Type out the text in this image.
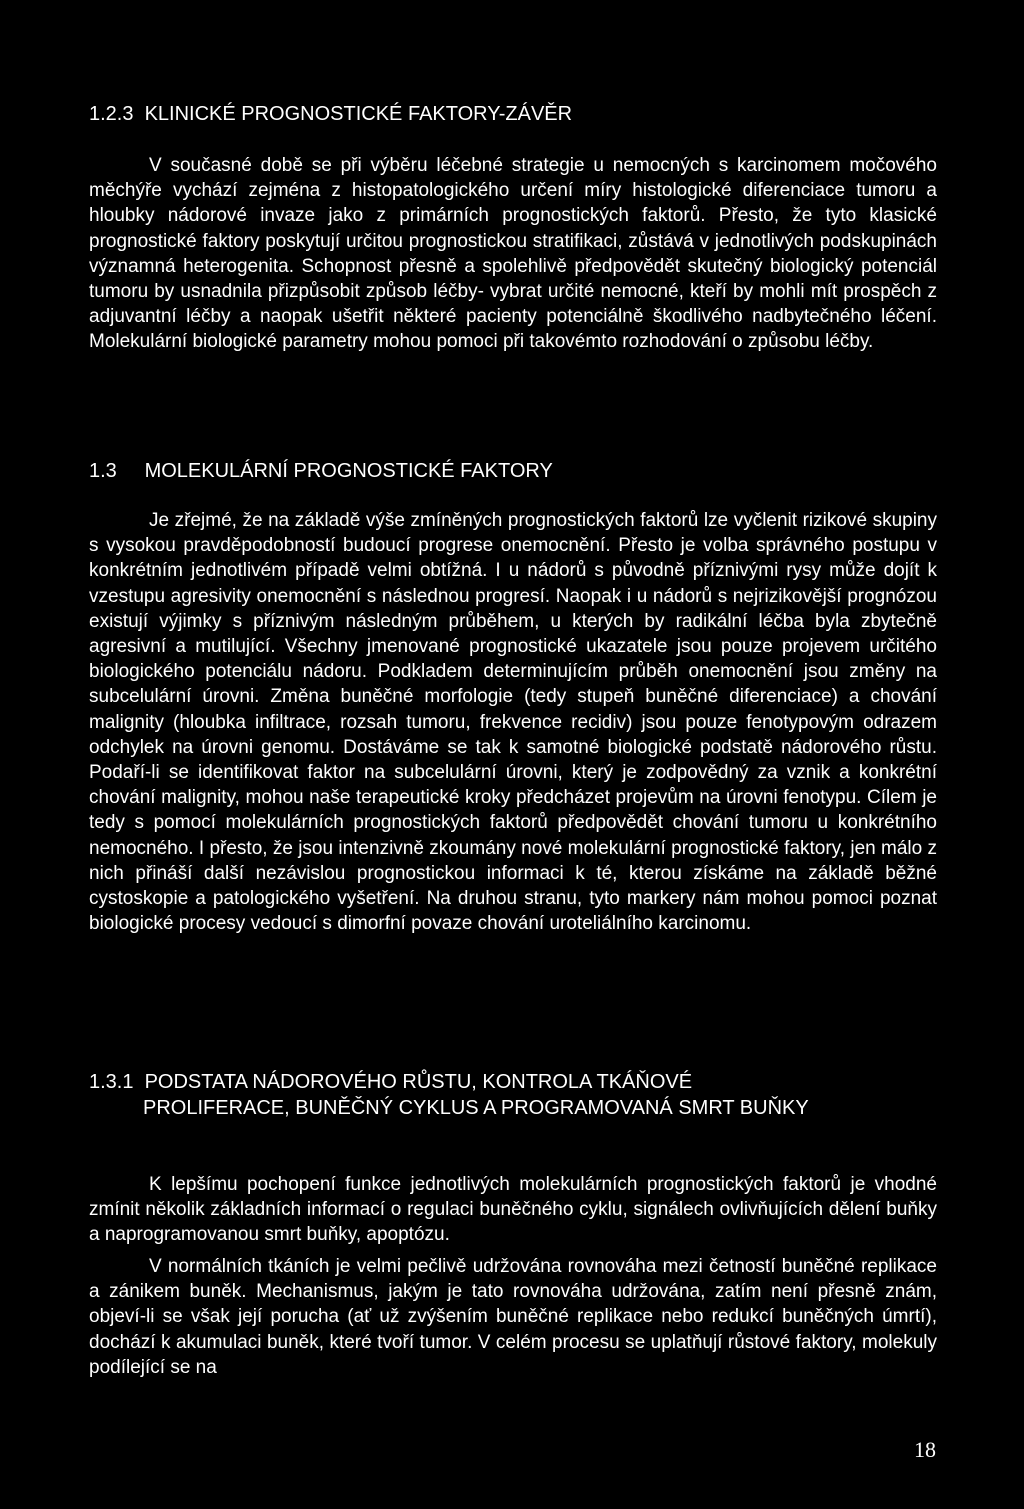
1.2.3 KLINICKÉ PROGNOSTICKÉ FAKTORY-ZÁVĚR

V současné době se při výběru léčebné strategie u nemocných s karcinomem močového měchýře vychází zejména z histopatologického určení míry histologické diferenciace tumoru a hloubky nádorové invaze jako z primárních prognostických faktorů. Přesto, že tyto klasické prognostické faktory poskytují určitou prognostickou stratifikaci, zůstává v jednotlivých podskupinách významná heterogenita. Schopnost přesně a spolehlivě předpovědět skutečný biologický potenciál tumoru by usnadnila přizpůsobit způsob léčby- vybrat určité nemocné, kteří by mohli mít prospěch z adjuvantní léčby a naopak ušetřit některé pacienty potenciálně škodlivého nadbytečného léčení. Molekulární biologické parametry mohou pomoci při takovémto rozhodování o způsobu léčby.

1.3 MOLEKULÁRNÍ PROGNOSTICKÉ FAKTORY

Je zřejmé, že na základě výše zmíněných prognostických faktorů lze vyčlenit rizikové skupiny s vysokou pravděpodobností budoucí progrese onemocnění. Přesto je volba správného postupu v konkrétním jednotlivém případě velmi obtížná. I u nádorů s původně příznivými rysy může dojít k vzestupu agresivity onemocnění s následnou progresí. Naopak i u nádorů s nejrizikovější prognózou existují výjimky s příznivým následným průběhem, u kterých by radikální léčba byla zbytečně agresivní a mutilující. Všechny jmenované prognostické ukazatele jsou pouze projevem určitého biologického potenciálu nádoru. Podkladem determinujícím průběh onemocnění jsou změny na subcelulární úrovni. Změna buněčné morfologie (tedy stupeň buněčné diferenciace) a chování malignity (hloubka infiltrace, rozsah tumoru, frekvence recidiv) jsou pouze fenotypovým odrazem odchylek na úrovni genomu. Dostáváme se tak k samotné biologické podstatě nádorového růstu. Podaří-li se identifikovat faktor na subcelulární úrovni, který je zodpovědný za vznik a konkrétní chování malignity, mohou naše terapeutické kroky předcházet projevům na úrovni fenotypu. Cílem je tedy s pomocí molekulárních prognostických faktorů předpovědět chování tumoru u konkrétního nemocného. I přesto, že jsou intenzivně zkoumány nové molekulární prognostické faktory, jen málo z nich přináší další nezávislou prognostickou informaci k té, kterou získáme na základě běžné cystoskopie a patologického vyšetření. Na druhou stranu, tyto markery nám mohou pomoci poznat biologické procesy vedoucí s dimorfní povaze chování uroteliálního karcinomu.

1.3.1 PODSTATA NÁDOROVÉHO RŮSTU, KONTROLA TKÁŇOVÉ
PROLIFERACE, BUNĚČNÝ CYKLUS A PROGRAMOVANÁ SMRT BUŇKY

K lepšímu pochopení funkce jednotlivých molekulárních prognostických faktorů je vhodné zmínit několik základních informací o regulaci buněčného cyklu, signálech ovlivňujících dělení buňky a naprogramovanou smrt buňky, apoptózu.

V normálních tkáních je velmi pečlivě udržována rovnováha mezi četností buněčné replikace a zánikem buněk. Mechanismus, jakým je tato rovnováha udržována, zatím není přesně znám, objeví-li se však její porucha (ať už zvýšením buněčné replikace nebo redukcí buněčných úmrtí), dochází k akumulaci buněk, které tvoří tumor. V celém procesu se uplatňují růstové faktory, molekuly podílející se na

18
